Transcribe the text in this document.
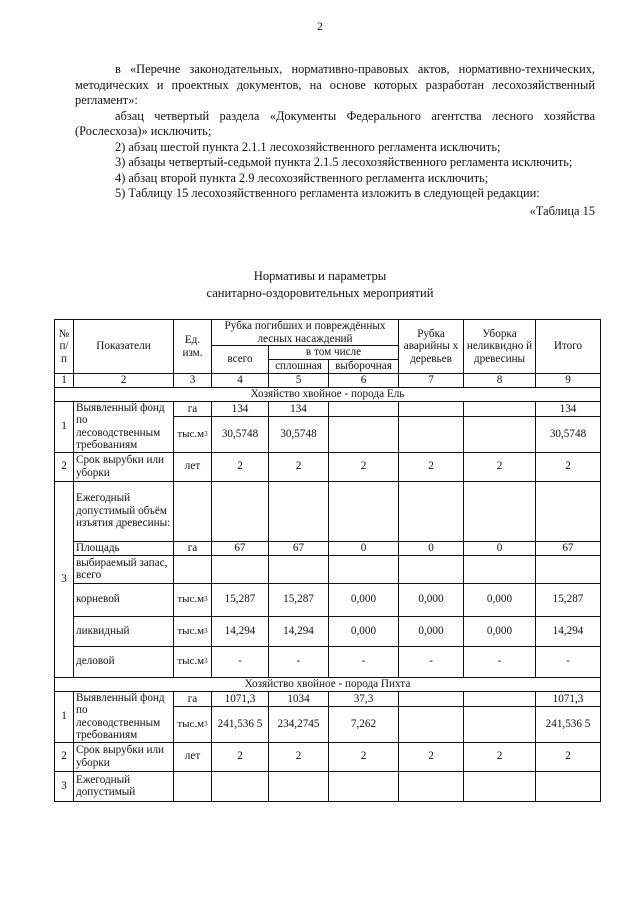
2

в «Перечне законодательных, нормативно-правовых актов, нормативно-технических, методических и проектных документов, на основе которых разработан лесохозяйственный регламент»:

абзац четвертый раздела «Документы Федерального агентства лесного хозяйства (Рослесхоза)» исключить;

2) абзац шестой пункта 2.1.1 лесохозяйственного регламента исключить;

3) абзацы четвертый-седьмой пункта 2.1.5 лесохозяйственного регламента исключить;

4) абзац второй пункта 2.9 лесохозяйственного регламента исключить;

5) Таблицу 15 лесохозяйственного регламента изложить в следующей редакции:

«Таблица 15

Нормативы и параметры
санитарно-оздоровительных мероприятий
№ п/ п	Показатели	Ед. изм.	Рубка погибших и повреждённых лесных насаждений			Рубка аварийны х деревьев	Уборка неликвидно й древесины	Итого
			всего	в том числе				
				сплошная	выборочная			
1	2	3	4	5	6	7	8	9
Хозяйство хвойное - порода Ель								
1	Выявленный фонд по лесоводственным требованиям	га	134	134				134
		тыс.м3	30,5748	30,5748				30,5748
2	Срок вырубки или уборки	лет	2	2	2	2	2	2
3	Ежегодный допустимый объём изъятия древесины:							
	Площадь	га	67	67	0	0	0	67
	выбираемый запас, всего							
	корневой	тыс.м3	15,287	15,287	0,000	0,000	0,000	15,287
	ликвидный	тыс.м3	14,294	14,294	0,000	0,000	0,000	14,294
	деловой	тыс.м3	-	-	-	-	-	-
Хозяйство хвойное - порода Пихта								
1	Выявленный фонд по лесоводственным требованиям	га	1071,3	1034	37,3			1071,3
		тыс.м3	241,536 5	234,2745	7,262			241,536 5
2	Срок вырубки или уборки	лет	2	2	2	2	2	2
3	Ежегодный допустимый							
